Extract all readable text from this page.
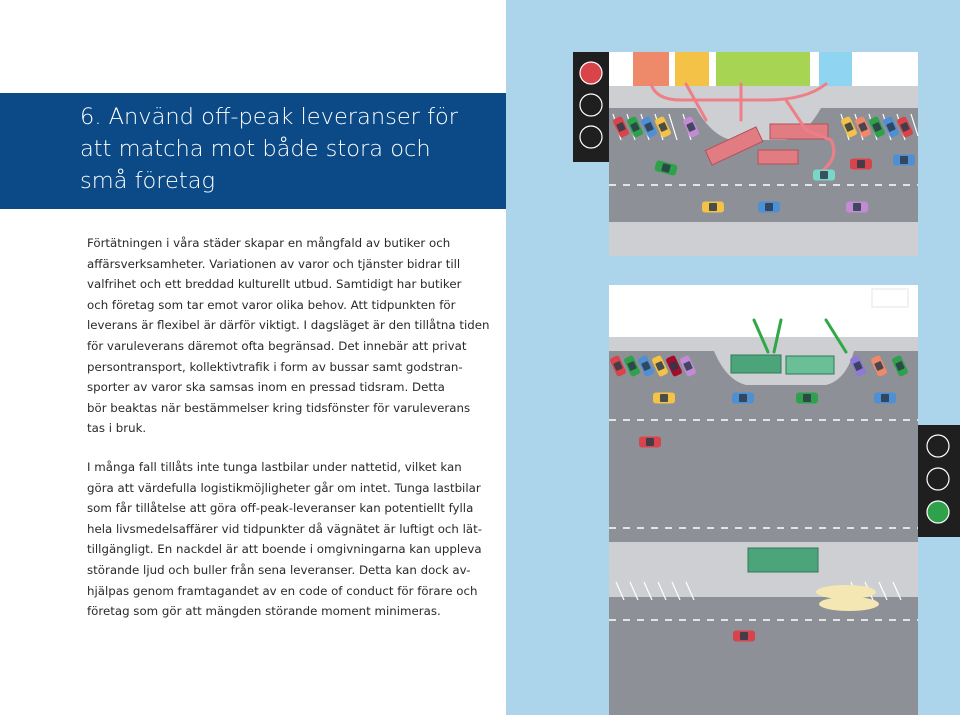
6. Använd off-peak leveranser för
att matcha mot både stora och
små företag

Förtätningen i våra städer skapar en mångfald av butiker och
affärsverksamheter. Variationen av varor och tjänster bidrar till
valfrihet och ett breddad kulturellt utbud. Samtidigt har butiker
och företag som tar emot varor olika behov. Att tidpunkten för
leverans är flexibel är därför viktigt. I dagsläget är den tillåtna tiden
för varuleverans däremot ofta begränsad. Det innebär att privat
persontransport, kollektivtrafik i form av bussar samt godstran-
sporter av varor ska samsas inom en pressad tidsram. Detta
bör beaktas när bestämmelser kring tidsfönster för varuleverans
tas i bruk.

I många fall tillåts inte tunga lastbilar under nattetid, vilket kan
göra att värdefulla logistikmöjligheter går om intet. Tunga lastbilar
som får tillåtelse att göra off-peak-leveranser kan potentiellt fylla
hela livsmedelsaffärer vid tidpunkter då vägnätet är luftigt och lät-
tillgängligt. En nackdel är att boende i omgivningarna kan uppleva
störande ljud och buller från sena leveranser. Detta kan dock av-
hjälpas genom framtagandet av en code of conduct för förare och
företag som gör att mängden störande moment minimeras.
